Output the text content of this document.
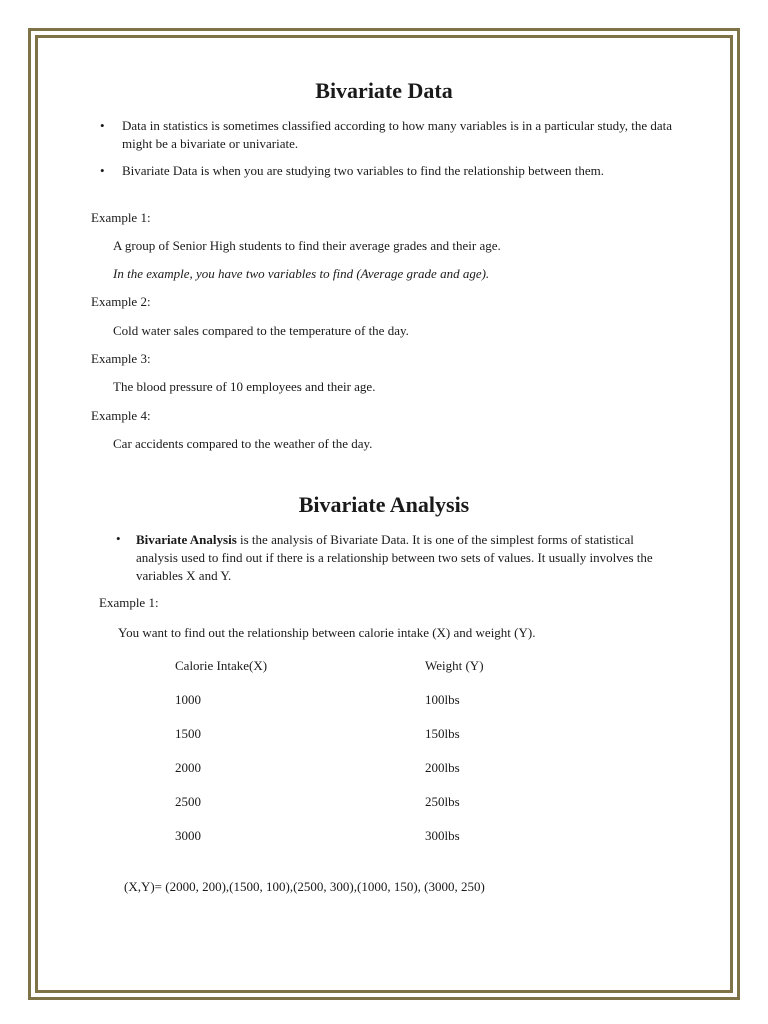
Bivariate Data
• Data in statistics is sometimes classified according to how many variables is in a particular study, the data might be a bivariate or univariate.
• Bivariate Data is when you are studying two variables to find the relationship between them.
Example 1:
A group of Senior High students to find their average grades and their age.
In the example, you have two variables to find (Average grade and age).
Example 2:
Cold water sales compared to the temperature of the day.
Example 3:
The blood pressure of 10 employees and their age.
Example 4:
Car accidents compared to the weather of the day.
Bivariate Analysis
• Bivariate Analysis is the analysis of Bivariate Data. It is one of the simplest forms of statistical analysis used to find out if there is a relationship between two sets of values. It usually involves the variables X and Y.
Example 1:
You want to find out the relationship between calorie intake (X) and weight (Y).
Calorie Intake(X)	Weight (Y)
1000	100lbs
1500	150lbs
2000	200lbs
2500	250lbs
3000	300lbs
(X,Y)= (2000, 200),(1500, 100),(2500, 300),(1000, 150), (3000, 250)
